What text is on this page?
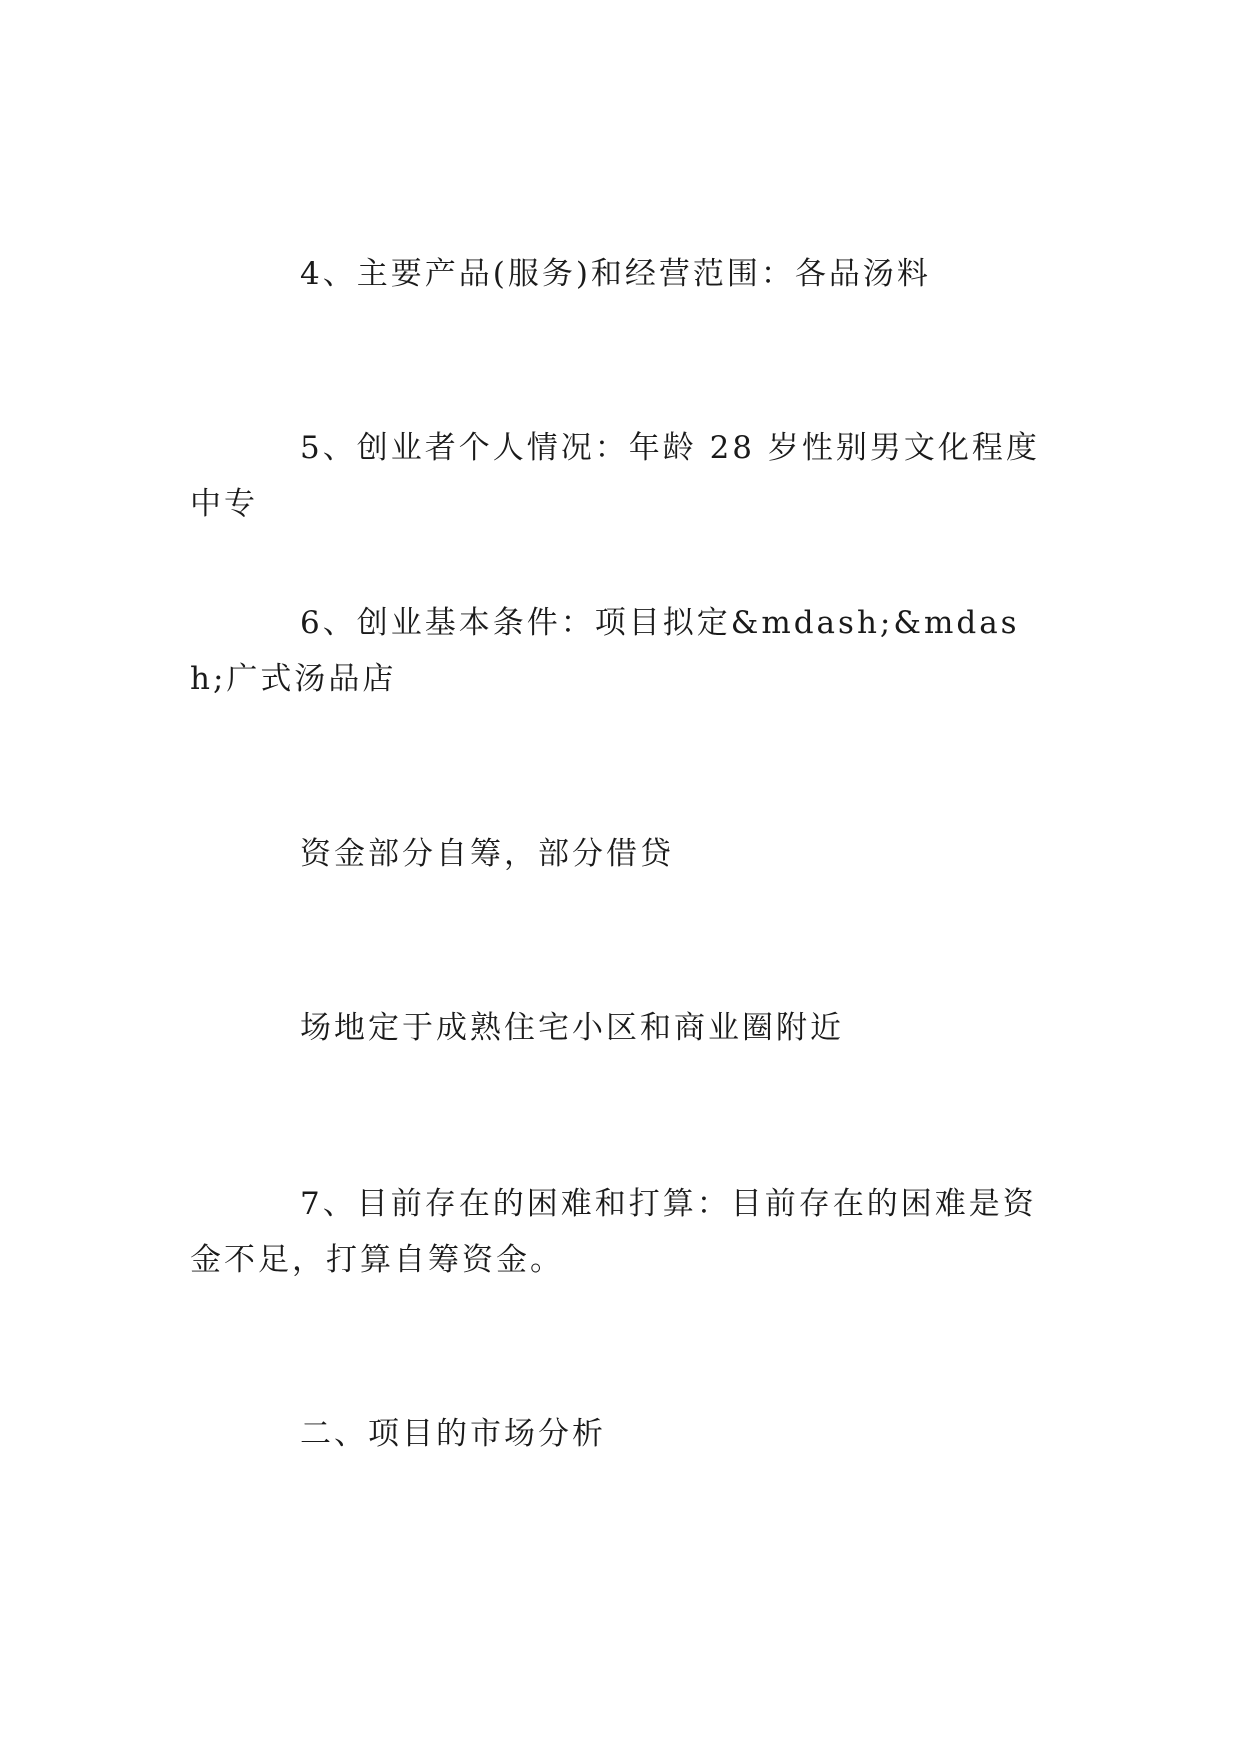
4、主要产品(服务)和经营范围：各品汤料

5、创业者个人情况：年龄 28 岁性别男文化程度中专

6、创业基本条件：项目拟定&mdash;&mdash;广式汤品店

资金部分自筹，部分借贷

场地定于成熟住宅小区和商业圈附近

7、目前存在的困难和打算：目前存在的困难是资金不足，打算自筹资金。

二、项目的市场分析
